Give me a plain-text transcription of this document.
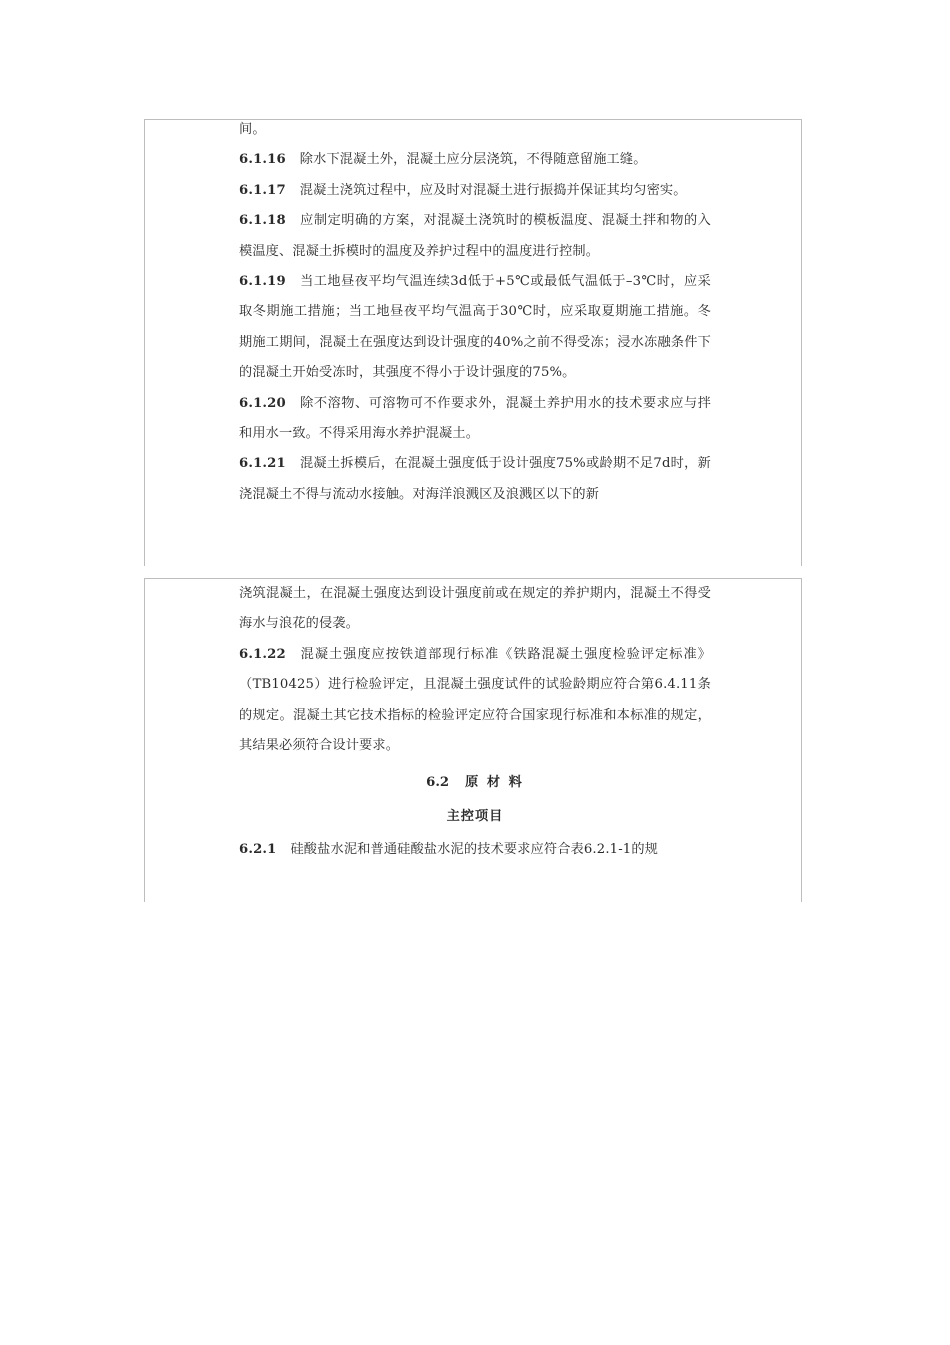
间。

6.1.16 除水下混凝土外，混凝土应分层浇筑，不得随意留施工缝。

6.1.17 混凝土浇筑过程中，应及时对混凝土进行振捣并保证其均匀密实。

6.1.18 应制定明确的方案，对混凝土浇筑时的模板温度、混凝土拌和物的入模温度、混凝土拆模时的温度及养护过程中的温度进行控制。

6.1.19 当工地昼夜平均气温连续3d低于+5℃或最低气温低于–3℃时，应采取冬期施工措施；当工地昼夜平均气温高于30℃时，应采取夏期施工措施。冬期施工期间，混凝土在强度达到设计强度的40%之前不得受冻；浸水冻融条件下的混凝土开始受冻时，其强度不得小于设计强度的75%。

6.1.20 除不溶物、可溶物可不作要求外，混凝土养护用水的技术要求应与拌和用水一致。不得采用海水养护混凝土。

6.1.21 混凝土拆模后，在混凝土强度低于设计强度75%或龄期不足7d时，新浇混凝土不得与流动水接触。对海洋浪溅区及浪溅区以下的新

浇筑混凝土，在混凝土强度达到设计强度前或在规定的养护期内，混凝土不得受海水与浪花的侵袭。

6.1.22 混凝土强度应按铁道部现行标准《铁路混凝土强度检验评定标准》（TB10425）进行检验评定，且混凝土强度试件的试验龄期应符合第6.4.11条的规定。混凝土其它技术指标的检验评定应符合国家现行标准和本标准的规定，其结果必须符合设计要求。

6.2 原 材 料

主控项目

6.2.1 硅酸盐水泥和普通硅酸盐水泥的技术要求应符合表6.2.1-1的规
